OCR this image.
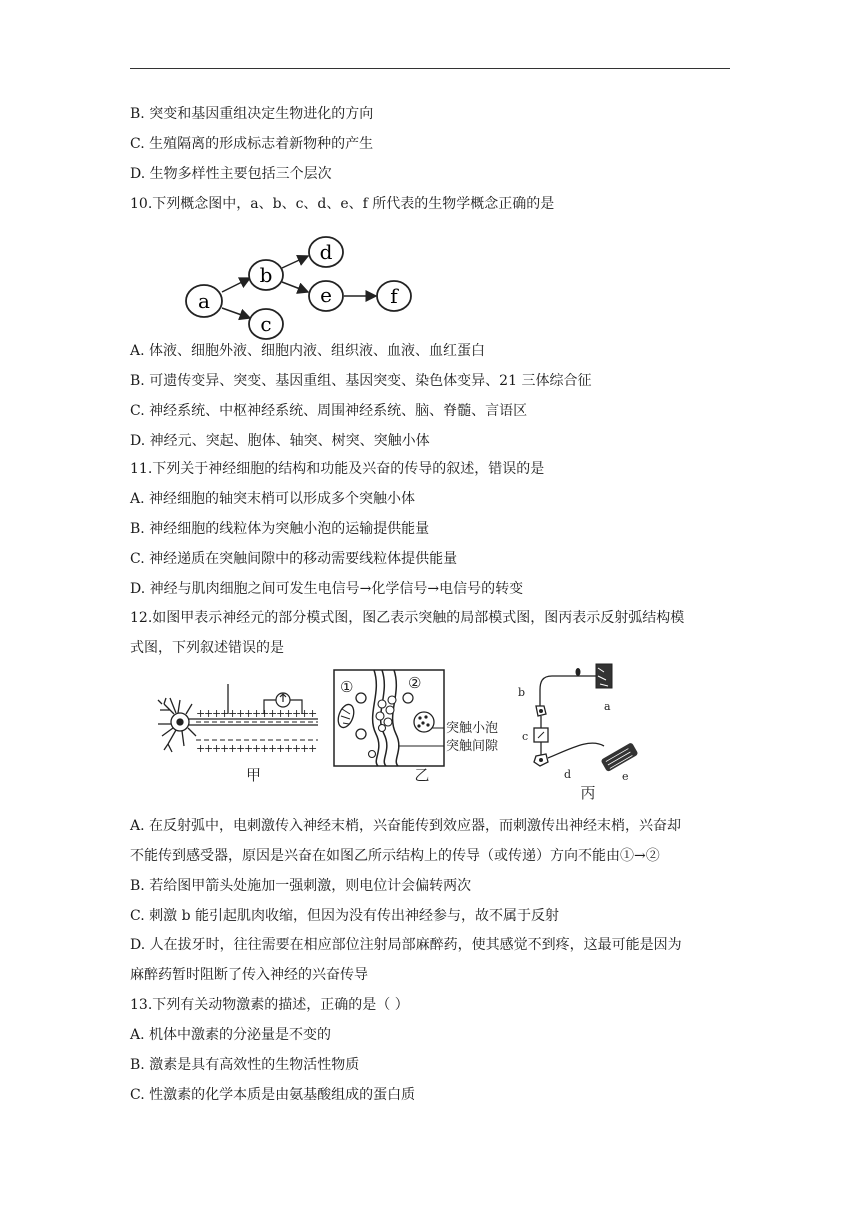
B. 突变和基因重组决定生物进化的方向
C. 生殖隔离的形成标志着新物种的产生
D. 生物多样性主要包括三个层次
10.下列概念图中，a、b、c、d、e、f 所代表的生物学概念正确的是
A. 体液、细胞外液、细胞内液、组织液、血液、血红蛋白
B. 可遗传变异、突变、基因重组、基因突变、染色体变异、21 三体综合征
C. 神经系统、中枢神经系统、周围神经系统、脑、脊髓、言语区
D. 神经元、突起、胞体、轴突、树突、突触小体
11.下列关于神经细胞的结构和功能及兴奋的传导的叙述，错误的是
A. 神经细胞的轴突末梢可以形成多个突触小体
B. 神经细胞的线粒体为突触小泡的运输提供能量
C. 神经递质在突触间隙中的移动需要线粒体提供能量
D. 神经与肌肉细胞之间可发生电信号→化学信号→电信号的转变
12.如图甲表示神经元的部分模式图，图乙表示突触的局部模式图，图丙表示反射弧结构模
式图，下列叙述错误的是
A. 在反射弧中，电刺激传入神经末梢，兴奋能传到效应器，而刺激传出神经末梢，兴奋却
不能传到感受器，原因是兴奋在如图乙所示结构上的传导（或传递）方向不能由①→②
B. 若给图甲箭头处施加一强刺激，则电位计会偏转两次
C. 刺激 b 能引起肌肉收缩，但因为没有传出神经参与，故不属于反射
D. 人在拔牙时，往往需要在相应部位注射局部麻醉药，使其感觉不到疼，这最可能是因为
麻醉药暂时阻断了传入神经的兴奋传导
13.下列有关动物激素的描述，正确的是（ ）
A. 机体中激素的分泌量是不变的
B. 激素是具有高效性的生物活性物质
C. 性激素的化学本质是由氨基酸组成的蛋白质
a
b
c
d
e	f
+
+
+
+
+
+
+
+
+
+
+
+
+
+
+
+
+
+
+
+
+
+
+
+
+
+
+
+
+
+
甲
①	②
突触小泡
突触间隙
乙
b
c
a
d	e
丙
